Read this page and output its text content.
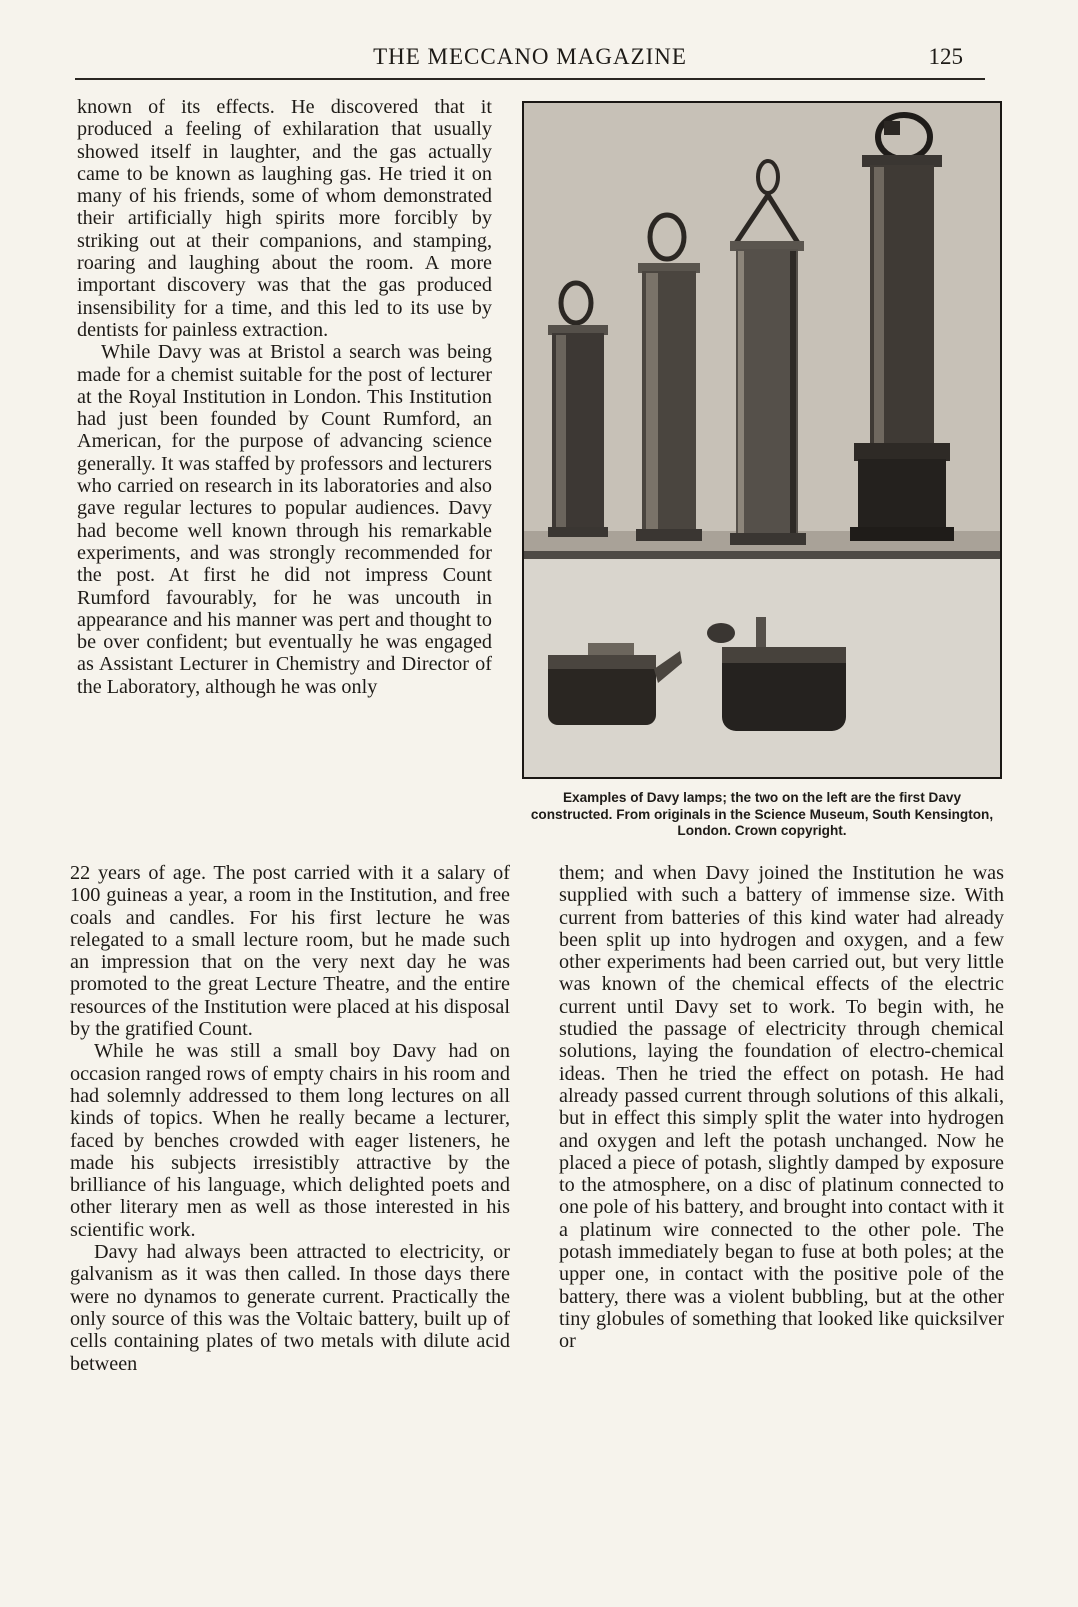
THE MECCANO MAGAZINE	125

known of its effects. He discovered that it produced a feeling of exhilaration that usually showed itself in laughter, and the gas actually came to be known as laughing gas. He tried it on many of his friends, some of whom demonstrated their artificially high spirits more forcibly by striking out at their companions, and stamping, roaring and laughing about the room. A more important discovery was that the gas produced insensibility for a time, and this led to its use by dentists for painless extraction.

While Davy was at Bristol a search was being made for a chemist suitable for the post of lecturer at the Royal Institution in London. This Institution had just been founded by Count Rumford, an American, for the purpose of advancing science generally. It was staffed by professors and lecturers who carried on research in its laboratories and also gave regular lectures to popular audiences. Davy had become well known through his remarkable experiments, and was strongly recommended for the post. At first he did not impress Count Rumford favourably, for he was uncouth in appearance and his manner was pert and thought to be over confident; but eventually he was engaged as Assistant Lecturer in Chemistry and Director of the Laboratory, although he was only

Examples of Davy lamps; the two on the left are the first Davy constructed. From originals in the Science Museum, South Kensington, London. Crown copyright.

22 years of age. The post carried with it a salary of 100 guineas a year, a room in the Institution, and free coals and candles. For his first lecture he was relegated to a small lecture room, but he made such an impression that on the very next day he was promoted to the great Lecture Theatre, and the entire resources of the Institution were placed at his disposal by the gratified Count.

While he was still a small boy Davy had on occasion ranged rows of empty chairs in his room and had solemnly addressed to them long lectures on all kinds of topics. When he really became a lecturer, faced by benches crowded with eager listeners, he made his subjects irresistibly attractive by the brilliance of his language, which delighted poets and other literary men as well as those interested in his scientific work.

Davy had always been attracted to electricity, or galvanism as it was then called. In those days there were no dynamos to generate current. Practically the only source of this was the Voltaic battery, built up of cells containing plates of two metals with dilute acid between

them; and when Davy joined the Institution he was supplied with such a battery of immense size. With current from batteries of this kind water had already been split up into hydrogen and oxygen, and a few other experiments had been carried out, but very little was known of the chemical effects of the electric current until Davy set to work. To begin with, he studied the passage of electricity through chemical solutions, laying the foundation of electro-chemical ideas. Then he tried the effect on potash. He had already passed current through solutions of this alkali, but in effect this simply split the water into hydrogen and oxygen and left the potash unchanged. Now he placed a piece of potash, slightly damped by exposure to the atmosphere, on a disc of platinum connected to one pole of his battery, and brought into contact with it a platinum wire connected to the other pole. The potash immediately began to fuse at both poles; at the upper one, in contact with the positive pole of the battery, there was a violent bubbling, but at the other tiny globules of something that looked like quicksilver or
